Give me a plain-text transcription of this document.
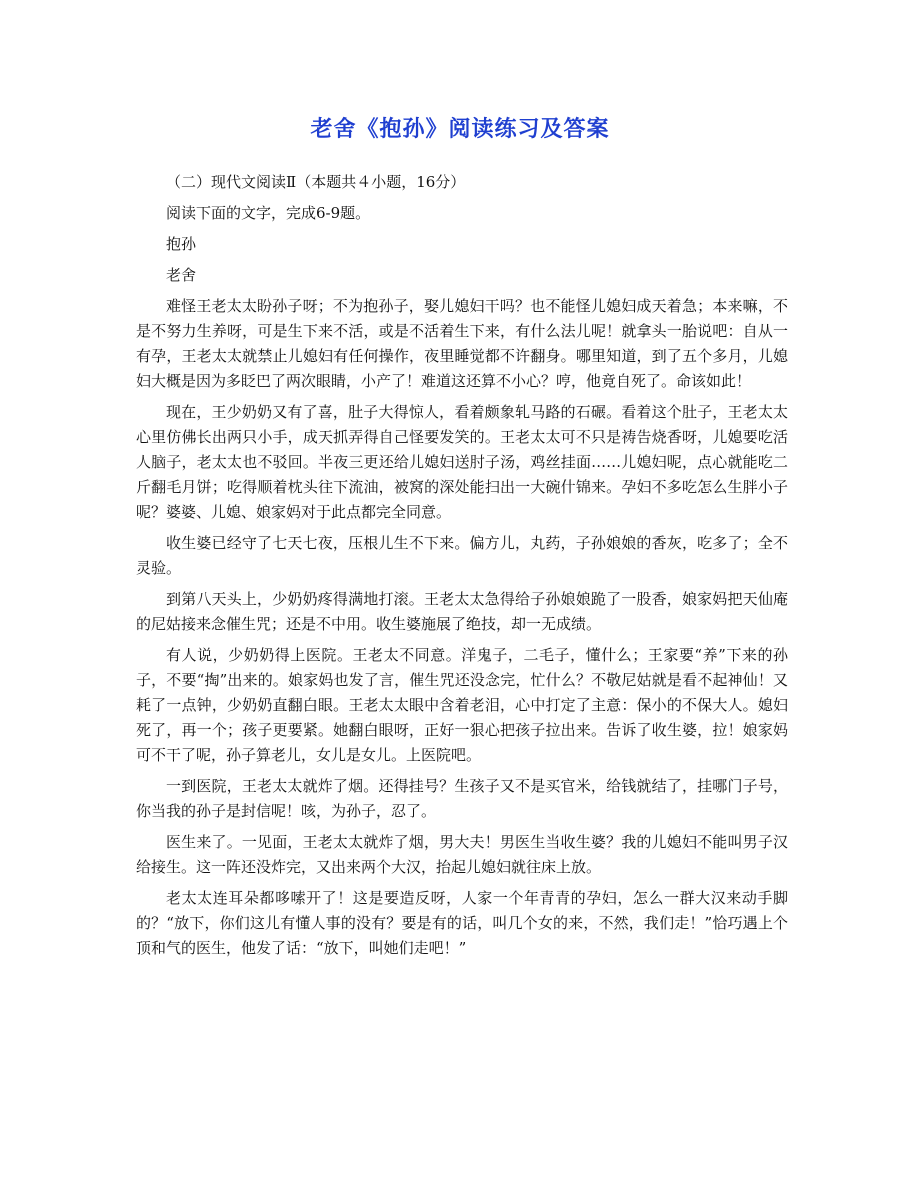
老舍《抱孙》阅读练习及答案

（二）现代文阅读Ⅱ（本题共４小题，16分）

阅读下面的文字，完成6-9题。

抱孙

老舍

难怪王老太太盼孙子呀；不为抱孙子，娶儿媳妇干吗？也不能怪儿媳妇成天着急；本来嘛，不是不努力生养呀，可是生下来不活，或是不活着生下来，有什么法儿呢！就拿头一胎说吧：自从一有孕，王老太太就禁止儿媳妇有任何操作，夜里睡觉都不许翻身。哪里知道，到了五个多月，儿媳妇大概是因为多眨巴了两次眼睛，小产了！难道这还算不小心？哼，他竟自死了。命该如此！

现在，王少奶奶又有了喜，肚子大得惊人，看着颇象轧马路的石碾。看着这个肚子，王老太太心里仿佛长出两只小手，成天抓弄得自己怪要发笑的。王老太太可不只是祷告烧香呀，儿媳要吃活人脑子，老太太也不驳回。半夜三更还给儿媳妇送肘子汤，鸡丝挂面……儿媳妇呢，点心就能吃二斤翻毛月饼；吃得顺着枕头往下流油，被窝的深处能扫出一大碗什锦来。孕妇不多吃怎么生胖小子呢？婆婆、儿媳、娘家妈对于此点都完全同意。

收生婆已经守了七天七夜，压根儿生不下来。偏方儿，丸药，子孙娘娘的香灰，吃多了；全不灵验。

到第八天头上，少奶奶疼得满地打滚。王老太太急得给子孙娘娘跪了一股香，娘家妈把天仙庵的尼姑接来念催生咒；还是不中用。收生婆施展了绝技，却一无成绩。

有人说，少奶奶得上医院。王老太不同意。洋鬼子，二毛子，懂什么；王家要“养”下来的孙子，不要“掏”出来的。娘家妈也发了言，催生咒还没念完，忙什么？不敬尼姑就是看不起神仙！又耗了一点钟，少奶奶直翻白眼。王老太太眼中含着老泪，心中打定了主意：保小的不保大人。媳妇死了，再一个；孩子更要紧。她翻白眼呀，正好一狠心把孩子拉出来。告诉了收生婆，拉！娘家妈可不干了呢，孙子算老儿，女儿是女儿。上医院吧。

一到医院，王老太太就炸了烟。还得挂号？生孩子又不是买官米，给钱就结了，挂哪门子号，你当我的孙子是封信呢！咳，为孙子，忍了。

医生来了。一见面，王老太太就炸了烟，男大夫！男医生当收生婆？我的儿媳妇不能叫男子汉给接生。这一阵还没炸完，又出来两个大汉，抬起儿媳妇就往床上放。

老太太连耳朵都哆嗦开了！这是要造反呀，人家一个年青青的孕妇，怎么一群大汉来动手脚的？“放下，你们这儿有懂人事的没有？要是有的话，叫几个女的来，不然，我们走！”恰巧遇上个顶和气的医生，他发了话：“放下，叫她们走吧！”
